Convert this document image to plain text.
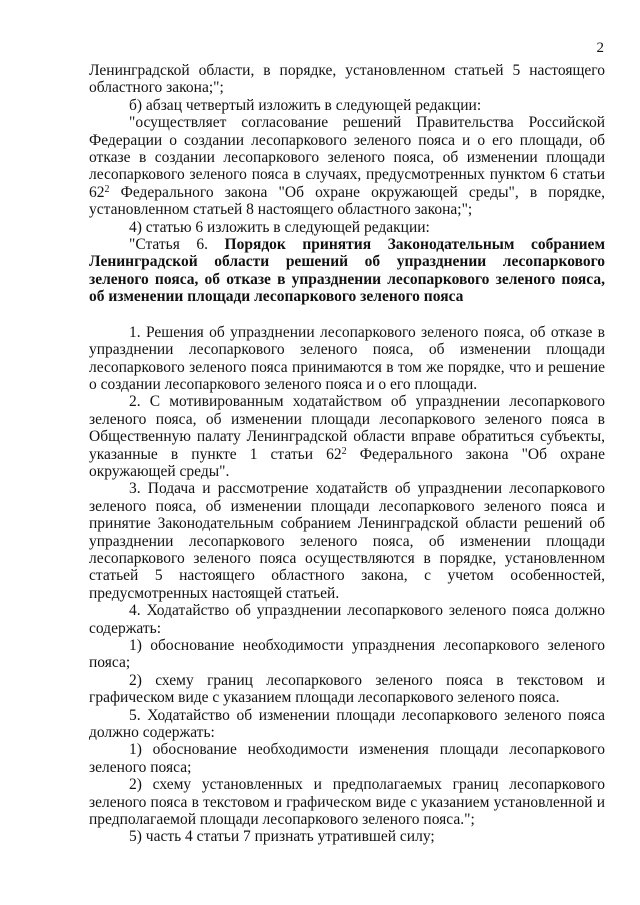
2

Ленинградской области, в порядке, установленном статьей 5 настоящего областного закона;";

б) абзац четвертый изложить в следующей редакции:

"осуществляет согласование решений Правительства Российской Федерации о создании лесопаркового зеленого пояса и о его площади, об отказе в создании лесопаркового зеленого пояса, об изменении площади лесопаркового зеленого пояса в случаях, предусмотренных пунктом 6 статьи $62^2$ Федерального закона "Об охране окружающей среды", в порядке, установленном статьей 8 настоящего областного закона;";

4) статью 6 изложить в следующей редакции:

"Статья 6. Порядок принятия Законодательным собранием Ленинградской области решений об упразднении лесопаркового зеленого пояса, об отказе в упразднении лесопаркового зеленого пояса, об изменении площади лесопаркового зеленого пояса

1. Решения об упразднении лесопаркового зеленого пояса, об отказе в упразднении лесопаркового зеленого пояса, об изменении площади лесопаркового зеленого пояса принимаются в том же порядке, что и решение о создании лесопаркового зеленого пояса и о его площади.

2. С мотивированным ходатайством об упразднении лесопаркового зеленого пояса, об изменении площади лесопаркового зеленого пояса в Общественную палату Ленинградской области вправе обратиться субъекты, указанные в пункте 1 статьи $62^2$ Федерального закона "Об охране окружающей среды".

3. Подача и рассмотрение ходатайств об упразднении лесопаркового зеленого пояса, об изменении площади лесопаркового зеленого пояса и принятие Законодательным собранием Ленинградской области решений об упразднении лесопаркового зеленого пояса, об изменении площади лесопаркового зеленого пояса осуществляются в порядке, установленном статьей 5 настоящего областного закона, с учетом особенностей, предусмотренных настоящей статьей.

4. Ходатайство об упразднении лесопаркового зеленого пояса должно содержать:

1) обоснование необходимости упразднения лесопаркового зеленого пояса;

2) схему границ лесопаркового зеленого пояса в текстовом и графическом виде с указанием площади лесопаркового зеленого пояса.

5. Ходатайство об изменении площади лесопаркового зеленого пояса должно содержать:

1) обоснование необходимости изменения площади лесопаркового зеленого пояса;

2) схему установленных и предполагаемых границ лесопаркового зеленого пояса в текстовом и графическом виде с указанием установленной и предполагаемой площади лесопаркового зеленого пояса.";

5) часть 4 статьи 7 признать утратившей силу;
